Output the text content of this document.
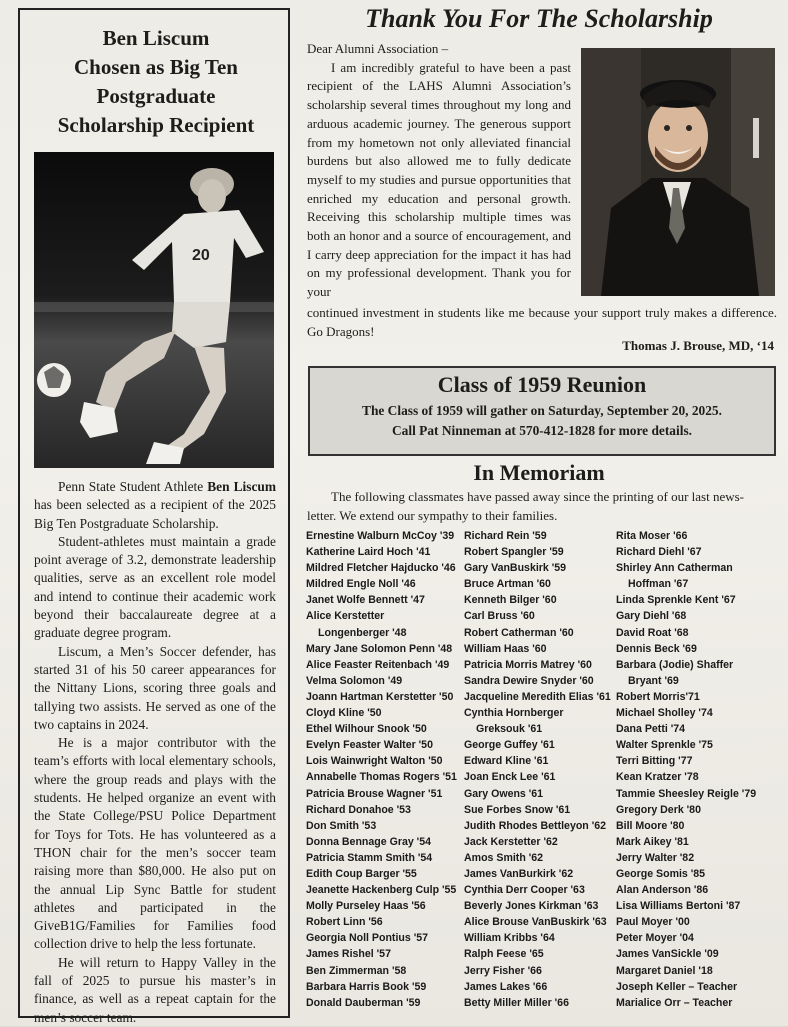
Ben Liscum
Chosen as Big Ten
Postgraduate
Scholarship Recipient
20

Penn State Student Athlete Ben Liscum has been selected as a recipient of the 2025 Big Ten Postgraduate Scholarship.

Student-athletes must maintain a grade point average of 3.2, demonstrate leadership qualities, serve as an excellent role model and intend to continue their academic work beyond their baccalaureate degree at a graduate degree program.

Liscum, a Men’s Soccer defender, has started 31 of his 50 career appearances for the Nittany Lions, scoring three goals and tallying two assists. He served as one of the two captains in 2024.

He is a major contributor with the team’s efforts with local elementary schools, where the group reads and plays with the students. He helped organize an event with the State College/PSU Police Department for Toys for Tots. He has volunteered as a THON chair for the men’s soccer team raising more than $80,000. He also put on the annual Lip Sync Battle for student athletes and participated in the GiveB1G/Families for Families food collection drive to help the less fortunate.

He will return to Happy Valley in the fall of 2025 to pursue his master’s in finance, as well as a repeat captain for the men’s soccer team.

Thank You For The Scholarship

Dear Alumni Association –

I am incredibly grateful to have been a past recipient of the LAHS Alumni Association’s scholarship several times throughout my long and arduous academic journey. The generous support from my hometown not only alleviated financial burdens but also allowed me to fully dedicate myself to my studies and pursue opportunities that enriched my education and personal growth. Receiving this scholarship multiple times was both an honor and a source of encouragement, and I carry deep appreciation for the impact it has had on my professional development. Thank you for your

continued investment in students like me because your support truly makes a difference. Go Dragons!
Thomas J. Brouse, MD, ‘14
Class of 1959 Reunion
The Class of 1959 will gather on Saturday, September 20, 2025.
Call Pat Ninneman at 570-412-1828 for more details.
In Memoriam
The following classmates have passed away since the printing of our last news-
letter. We extend our sympathy to their families.
Ernestine Walburn McCoy '39
Katherine Laird Hoch '41
Mildred Fletcher Hajducko '46
Mildred Engle Noll '46
Janet Wolfe Bennett '47
Alice Kerstetter
Longenberger '48
Mary Jane Solomon Penn '48
Alice Feaster Reitenbach '49
Velma Solomon '49
Joann Hartman Kerstetter '50
Cloyd Kline '50
Ethel Wilhour Snook '50
Evelyn Feaster Walter '50
Lois Wainwright Walton '50
Annabelle Thomas Rogers '51
Patricia Brouse Wagner '51
Richard Donahoe '53
Don Smith '53
Donna Bennage Gray '54
Patricia Stamm Smith '54
Edith Coup Barger '55
Jeanette Hackenberg Culp '55
Molly Purseley Haas '56
Robert Linn '56
Georgia Noll Pontius '57
James Rishel '57
Ben Zimmerman '58
Barbara Harris Book '59
Donald Dauberman '59
Richard Rein '59
Robert Spangler '59
Gary VanBuskirk '59
Bruce Artman '60
Kenneth Bilger '60
Carl Bruss '60
Robert Catherman '60
William Haas '60
Patricia Morris Matrey '60
Sandra Dewire Snyder '60
Jacqueline Meredith Elias '61
Cynthia Hornberger
Greksouk '61
George Guffey '61
Edward Kline '61
Joan Enck Lee '61
Gary Owens '61
Sue Forbes Snow '61
Judith Rhodes Bettleyon '62
Jack Kerstetter '62
Amos Smith '62
James VanBurkirk '62
Cynthia Derr Cooper '63
Beverly Jones Kirkman '63
Alice Brouse VanBuskirk '63
William Kribbs '64
Ralph Feese '65
Jerry Fisher '66
James Lakes '66
Betty Miller Miller '66
Rita Moser '66
Richard Diehl '67
Shirley Ann Catherman
Hoffman '67
Linda Sprenkle Kent '67
Gary Diehl '68
David Roat '68
Dennis Beck '69
Barbara (Jodie) Shaffer
Bryant '69
Robert Morris'71
Michael Sholley '74
Dana Petti '74
Walter Sprenkle '75
Terri Bitting '77
Kean Kratzer '78
Tammie Sheesley Reigle '79
Gregory Derk '80
Bill Moore '80
Mark Aikey '81
Jerry Walter '82
George Somis '85
Alan Anderson '86
Lisa Williams Bertoni '87
Paul Moyer '00
Peter Moyer '04
James VanSickle '09
Margaret Daniel '18
Joseph Keller – Teacher
Marialice Orr – Teacher
